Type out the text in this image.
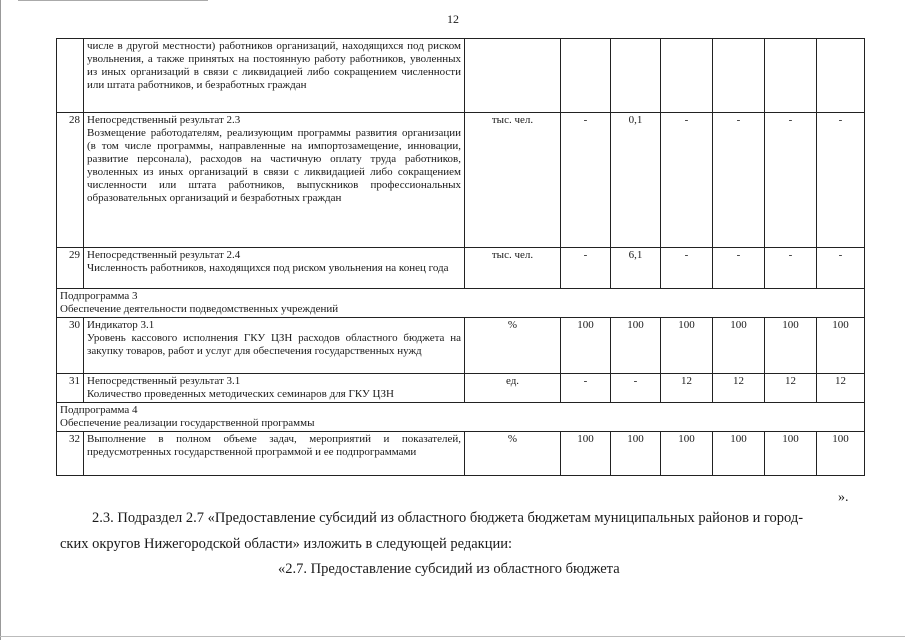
12
	числе в другой местности) работников организаций, находящихся под риском увольнения, а также принятых на постоянную работу работников, уволенных из иных организаций в связи с ликвидацией либо сокращением численности или штата работников, и безработных граждан							
28	Непосредственный результат 2.3
Возмещение работодателям, реализующим программы развития организации (в том числе программы, направленные на импортозамещение, инновации, развитие персонала), расходов на частичную оплату труда работников, уволенных из иных организаций в связи с ликвидацией либо сокращением численности или штата работников, выпускников профессиональных образовательных организаций и безработных граждан	тыс. чел.	-	0,1	-	-	-	-
29	Непосредственный результат 2.4
Численность работников, находящихся под риском увольнения на конец года	тыс. чел.	-	6,1	-	-	-	-

Подпрограмма 3
Обеспечение деятельности подведомственных учреждений								

30	Индикатор 3.1
Уровень кассового исполнения ГКУ ЦЗН расходов областного бюджета на закупку товаров, работ и услуг для обеспечения государственных нужд	%	100	100	100	100	100	100
31	Непосредственный результат 3.1
Количество проведенных методических семинаров для ГКУ ЦЗН	ед.	-	-	12	12	12	12

Подпрограмма 4
Обеспечение реализации государственной программы								

32	Выполнение в полном объеме задач, мероприятий и показателей, предусмотренных государственной программой и ее подпрограммами	%	100	100	100	100	100	100
».
2.3. Подраздел 2.7 «Предоставление субсидий из областного бюджета бюджетам муниципальных районов и город-
ских округов Нижегородской области» изложить в следующей редакции:
«2.7. Предоставление субсидий из областного бюджета
